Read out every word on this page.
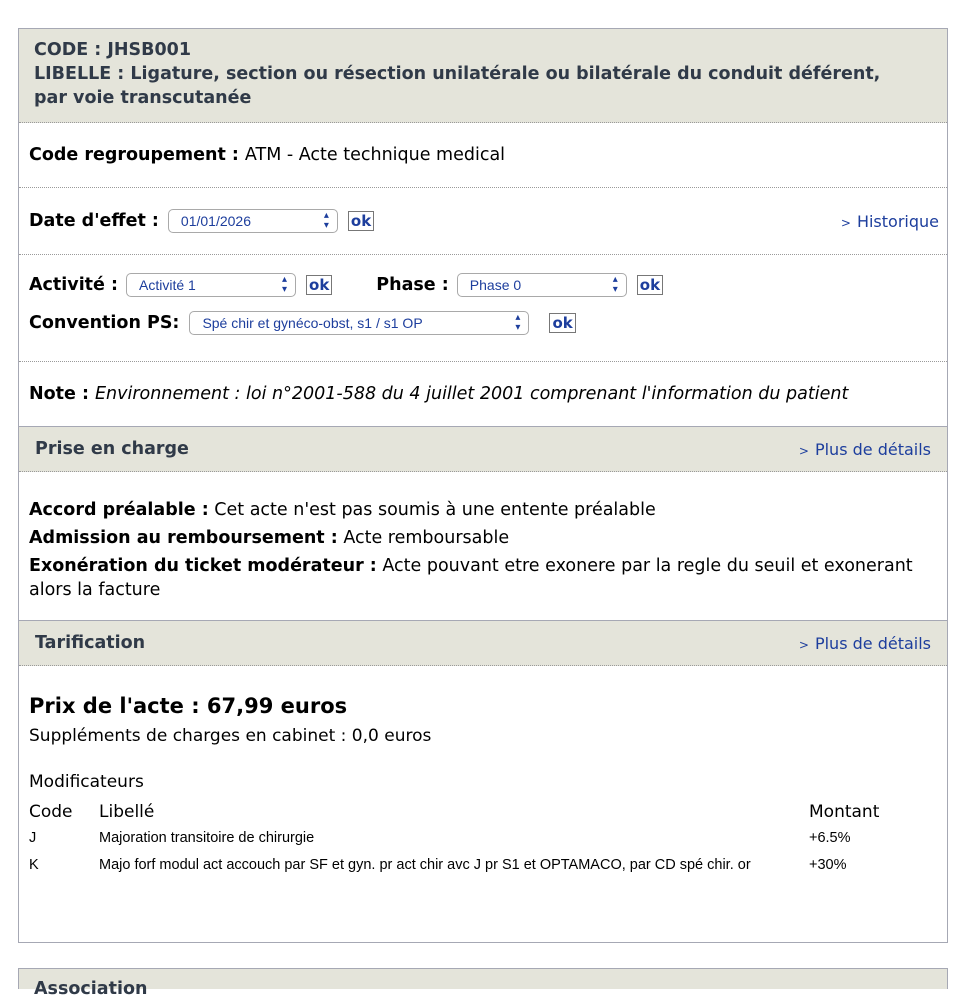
CODE : JHSB001
LIBELLE : Ligature, section ou résection unilatérale ou bilatérale du conduit déférent,
par voie transcutanée
Code regroupement : ATM - Acte technique medical
Date d'effet : 01/01/2026	▴
▾ ok	> Historique
Activité : Activité 1	▴
▾ ok	Phase : Phase 0	▴
▾ ok
Convention PS: Spé chir et gynéco-obst, s1 / s1 OP	▴
▾ ok
Note : Environnement : loi n°2001-588 du 4 juillet 2001 comprenant l'information du patient
Prise en charge	> Plus de détails

Accord préalable : Cet acte n'est pas soumis à une entente préalable

Admission au remboursement : Acte remboursable

Exonération du ticket modérateur : Acte pouvant etre exonere par la regle du seuil et exonerant alors la facture

Tarification	> Plus de détails
Prix de l'acte : 67,99 euros
Suppléments de charges en cabinet : 0,0 euros
Modificateurs
Code	Libellé	Montant
J	Majoration transitoire de chirurgie	+6.5%
K	Majo forf modul act accouch par SF et gyn. pr act chir avc J pr S1 et OPTAMACO, par CD spé chir. or	+30%
Association
